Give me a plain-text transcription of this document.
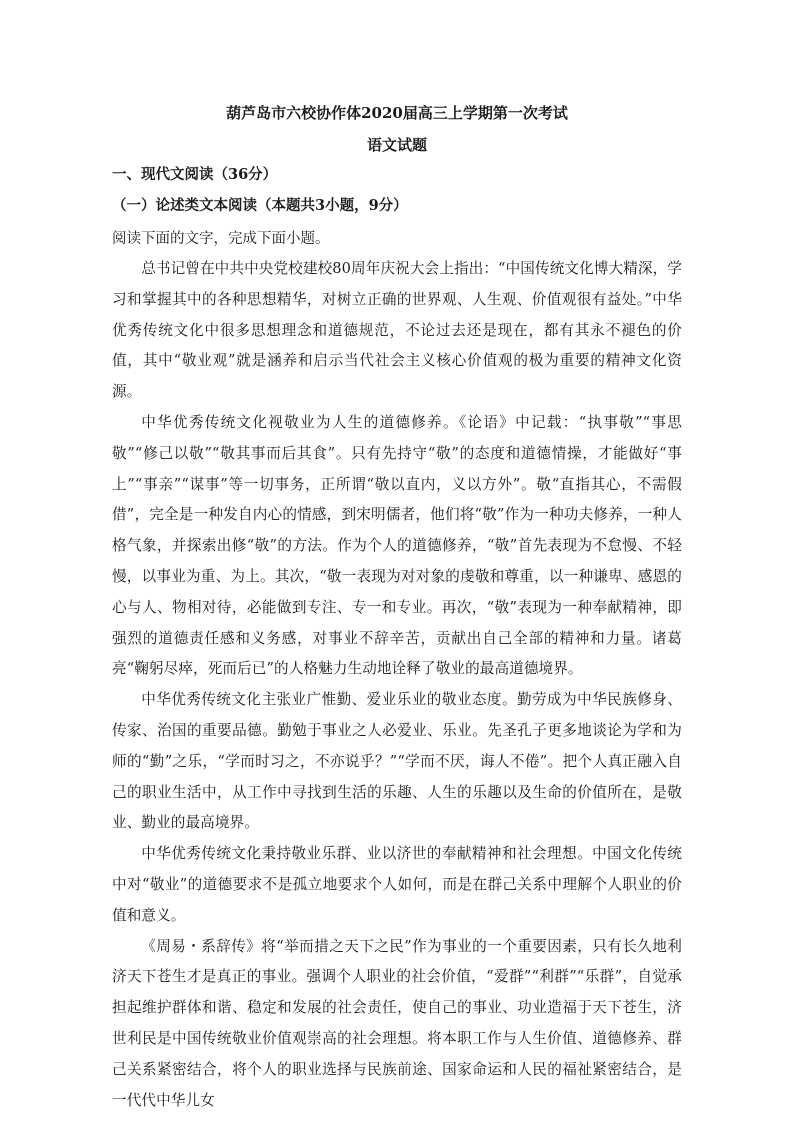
葫芦岛市六校协作体2020届高三上学期第一次考试
语文试题
一、现代文阅读（36分）
（一）论述类文本阅读（本题共3小题，9分）

阅读下面的文字，完成下面小题。

总书记曾在中共中央党校建校80周年庆祝大会上指出：“中国传统文化博大精深，学习和掌握其中的各种思想精华，对树立正确的世界观、人生观、价值观很有益处。”中华优秀传统文化中很多思想理念和道德规范，不论过去还是现在，都有其永不褪色的价值，其中“敬业观”就是涵养和启示当代社会主义核心价值观的极为重要的精神文化资源。

中华优秀传统文化视敬业为人生的道德修养。《论语》中记载：“执事敬”“事思敬”“修己以敬”“敬其事而后其食”。只有先持守“敬”的态度和道德情操，才能做好“事上”“事亲”“谋事”等一切事务，正所谓“敬以直内，义以方外”。敬“直指其心，不需假借”，完全是一种发自内心的情感，到宋明儒者，他们将“敬”作为一种功夫修养，一种人格气象，并探索出修“敬”的方法。作为个人的道德修养，“敬”首先表现为不怠慢、不轻慢，以事业为重、为上。其次，“敬一表现为对对象的虔敬和尊重，以一种谦卑、感恩的心与人、物相对待，必能做到专注、专一和专业。再次，“敬”表现为一种奉献精神，即强烈的道德责任感和义务感，对事业不辞辛苦，贡献出自己全部的精神和力量。诸葛亮“鞠躬尽瘁，死而后已”的人格魅力生动地诠释了敬业的最高道德境界。

中华优秀传统文化主张业广惟勤、爱业乐业的敬业态度。勤劳成为中华民族修身、传家、治国的重要品德。勤勉于事业之人必爱业、乐业。先圣孔子更多地谈论为学和为师的“勤”之乐，“学而时习之，不亦说乎？”“学而不厌，诲人不倦”。把个人真正融入自己的职业生活中，从工作中寻找到生活的乐趣、人生的乐趣以及生命的价值所在，是敬业、勤业的最高境界。

中华优秀传统文化秉持敬业乐群、业以济世的奉献精神和社会理想。中国文化传统中对“敬业”的道德要求不是孤立地要求个人如何，而是在群己关系中理解个人职业的价值和意义。

《周易・系辞传》将“举而措之天下之民”作为事业的一个重要因素，只有长久地利济天下苍生才是真正的事业。强调个人职业的社会价值，“爱群”“利群”“乐群”，自觉承担起维护群体和谐、稳定和发展的社会责任，使自己的事业、功业造福于天下苍生，济世利民是中国传统敬业价值观崇高的社会理想。将本职工作与人生价值、道德修养、群己关系紧密结合，将个人的职业选择与民族前途、国家命运和人民的福祉紧密结合，是一代代中华儿女
